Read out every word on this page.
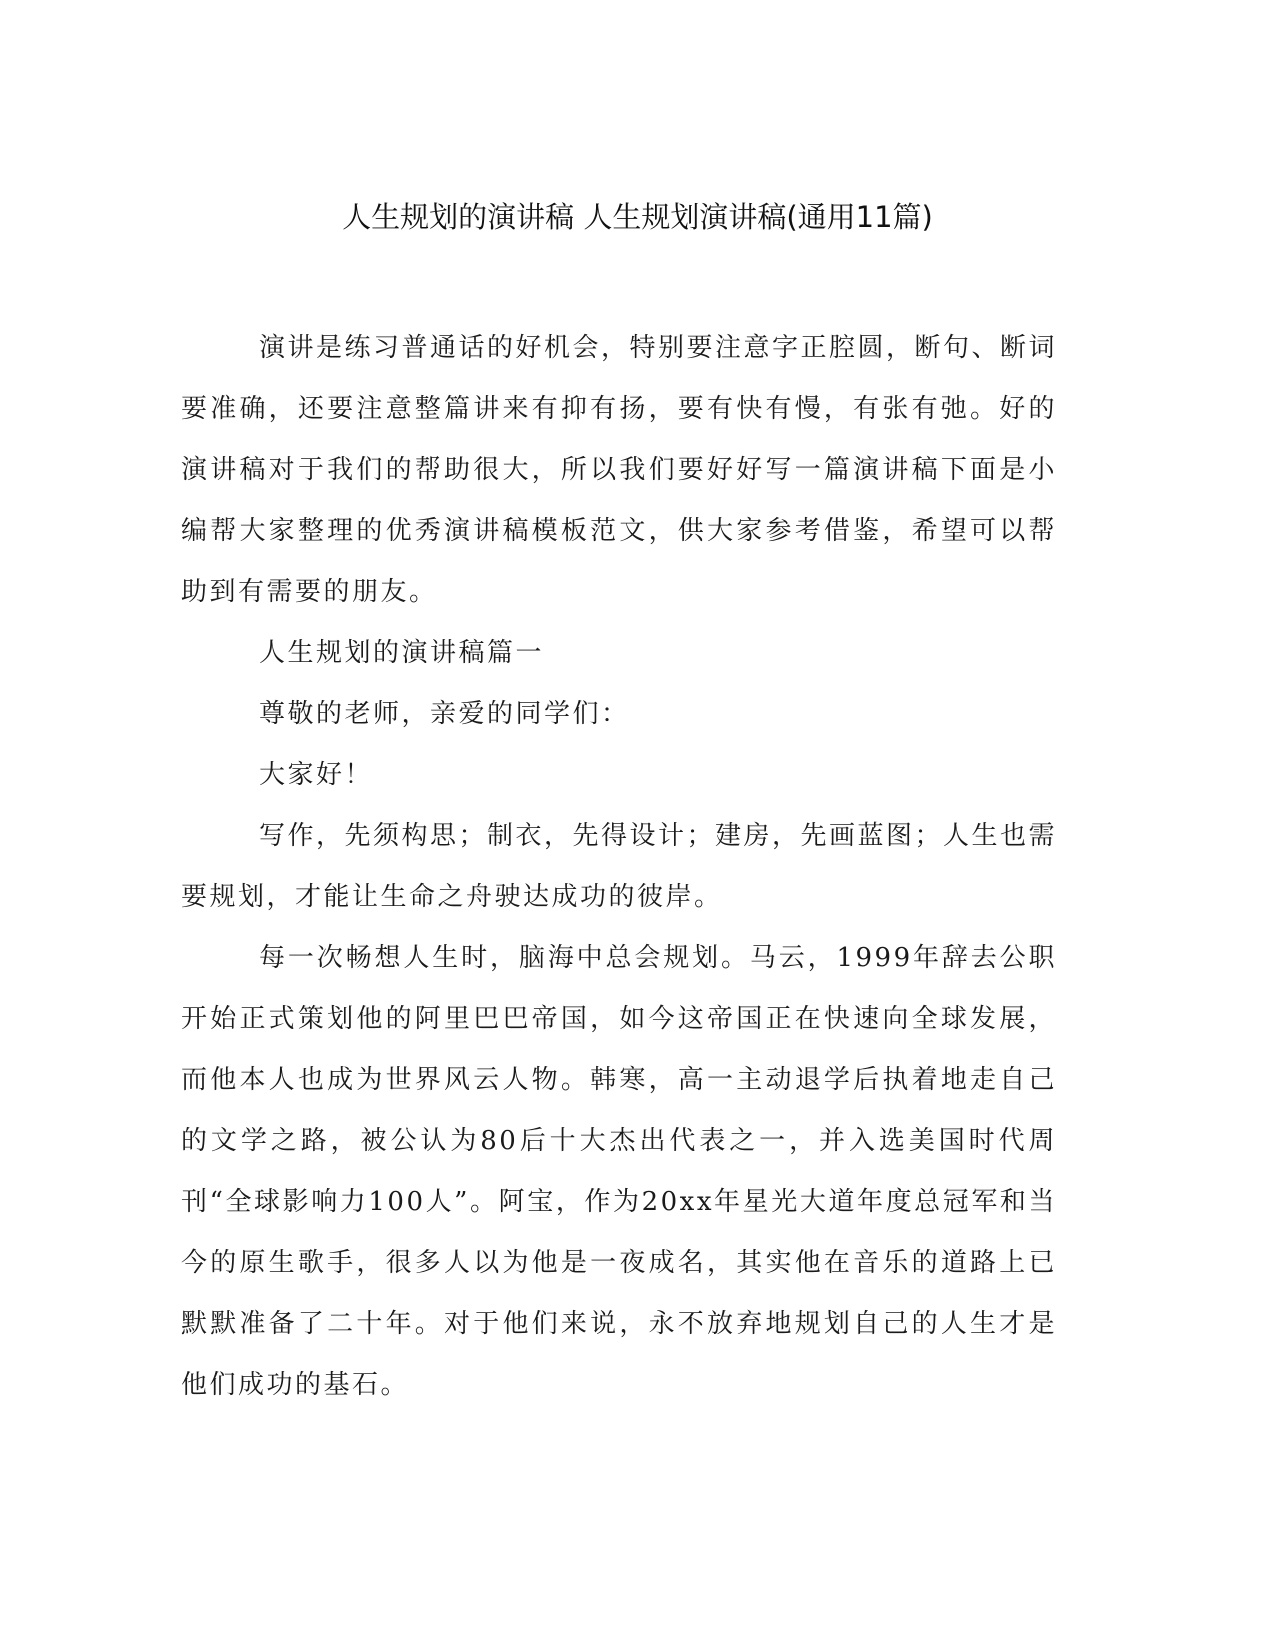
人生规划的演讲稿 人生规划演讲稿(通用11篇)

演讲是练习普通话的好机会，特别要注意字正腔圆，断句、断词要准确，还要注意整篇讲来有抑有扬，要有快有慢，有张有弛。好的演讲稿对于我们的帮助很大，所以我们要好好写一篇演讲稿下面是小编帮大家整理的优秀演讲稿模板范文，供大家参考借鉴，希望可以帮助到有需要的朋友。

人生规划的演讲稿篇一

尊敬的老师，亲爱的同学们：

大家好！

写作，先须构思；制衣，先得设计；建房，先画蓝图；人生也需要规划，才能让生命之舟驶达成功的彼岸。

每一次畅想人生时，脑海中总会规划。马云，1999年辞去公职开始正式策划他的阿里巴巴帝国，如今这帝国正在快速向全球发展，而他本人也成为世界风云人物。韩寒，高一主动退学后执着地走自己的文学之路，被公认为80后十大杰出代表之一，并入选美国时代周刊“全球影响力100人”。阿宝，作为20xx年星光大道年度总冠军和当今的原生歌手，很多人以为他是一夜成名，其实他在音乐的道路上已默默准备了二十年。对于他们来说，永不放弃地规划自己的人生才是他们成功的基石。
